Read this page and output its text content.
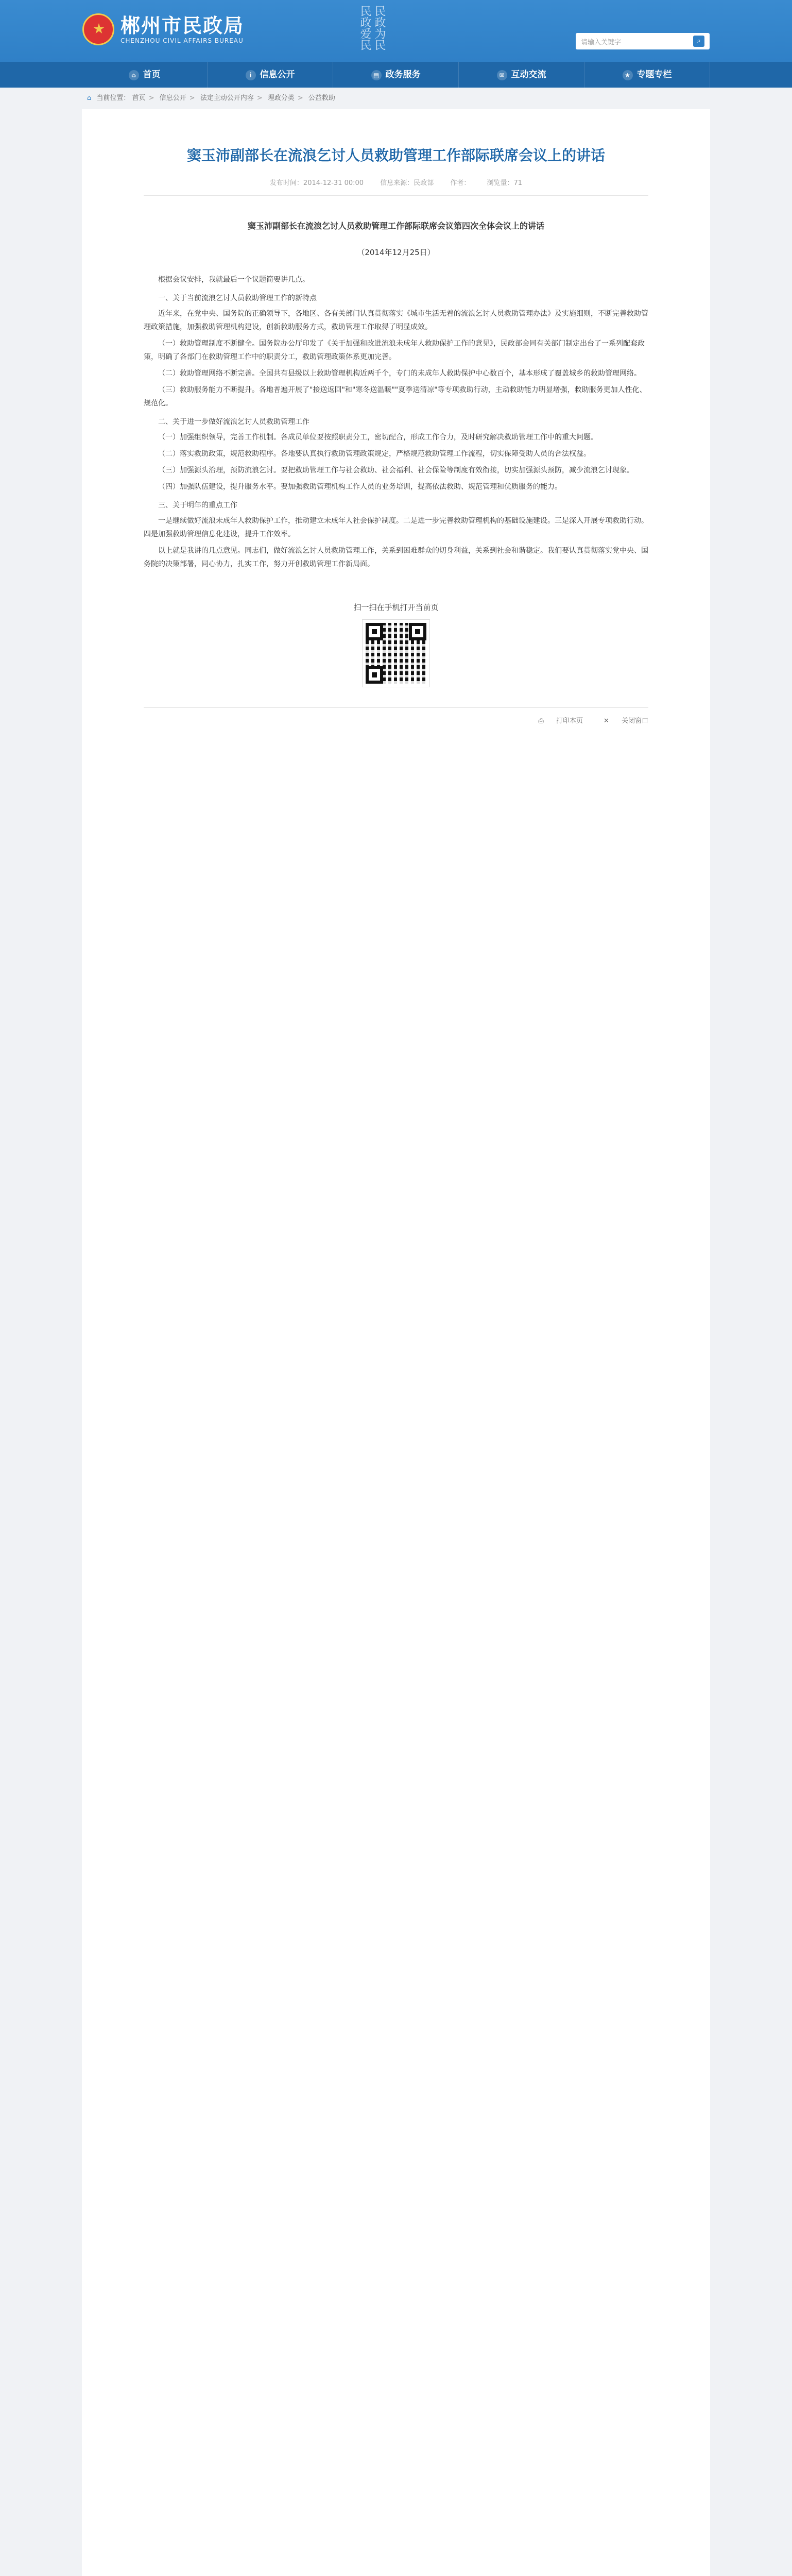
郴州市民政局
CHENZHOU CIVIL AFFAIRS BUREAU	民政为民 民政爱民	请输入关键字	⌕
⌂ 首页	i 信息公开	▤ 政务服务	✉ 互动交流	★ 专题专栏
⌂ 当前位置： 首页 > 信息公开 > 法定主动公开内容 > 理政分类 > 公益救助
窦玉沛副部长在流浪乞讨人员救助管理工作部际联席会议上的讲话
发布时间：2014-12-31 00:00 信息来源：民政部 作者： 浏览量：71
窦玉沛副部长在流浪乞讨人员救助管理工作部际联席会议第四次全体会议上的讲话
（2014年12月25日）

根据会议安排，我就最后一个议题简要讲几点。

一、关于当前流浪乞讨人员救助管理工作的新特点

近年来，在党中央、国务院的正确领导下，各地区、各有关部门认真贯彻落实《城市生活无着的流浪乞讨人员救助管理办法》及实施细则，不断完善救助管理政策措施，加强救助管理机构建设，创新救助服务方式，救助管理工作取得了明显成效。

（一）救助管理制度不断健全。国务院办公厅印发了《关于加强和改进流浪未成年人救助保护工作的意见》，民政部会同有关部门制定出台了一系列配套政策，明确了各部门在救助管理工作中的职责分工，救助管理政策体系更加完善。

（二）救助管理网络不断完善。全国共有县级以上救助管理机构近两千个，专门的未成年人救助保护中心数百个，基本形成了覆盖城乡的救助管理网络。

（三）救助服务能力不断提升。各地普遍开展了"接送返回"和"寒冬送温暖""夏季送清凉"等专项救助行动，主动救助能力明显增强，救助服务更加人性化、规范化。

二、关于进一步做好流浪乞讨人员救助管理工作

（一）加强组织领导，完善工作机制。各成员单位要按照职责分工，密切配合，形成工作合力，及时研究解决救助管理工作中的重大问题。

（二）落实救助政策，规范救助程序。各地要认真执行救助管理政策规定，严格规范救助管理工作流程，切实保障受助人员的合法权益。

（三）加强源头治理，预防流浪乞讨。要把救助管理工作与社会救助、社会福利、社会保险等制度有效衔接，切实加强源头预防，减少流浪乞讨现象。

（四）加强队伍建设，提升服务水平。要加强救助管理机构工作人员的业务培训，提高依法救助、规范管理和优质服务的能力。

三、关于明年的重点工作

一是继续做好流浪未成年人救助保护工作，推动建立未成年人社会保护制度。二是进一步完善救助管理机构的基础设施建设。三是深入开展专项救助行动。四是加强救助管理信息化建设，提升工作效率。

以上就是我讲的几点意见。同志们，做好流浪乞讨人员救助管理工作，关系到困难群众的切身利益，关系到社会和谐稳定。我们要认真贯彻落实党中央、国务院的决策部署，同心协力，扎实工作，努力开创救助管理工作新局面。

扫一扫在手机打开当前页
⎙ 打印本页	✕ 关闭窗口
